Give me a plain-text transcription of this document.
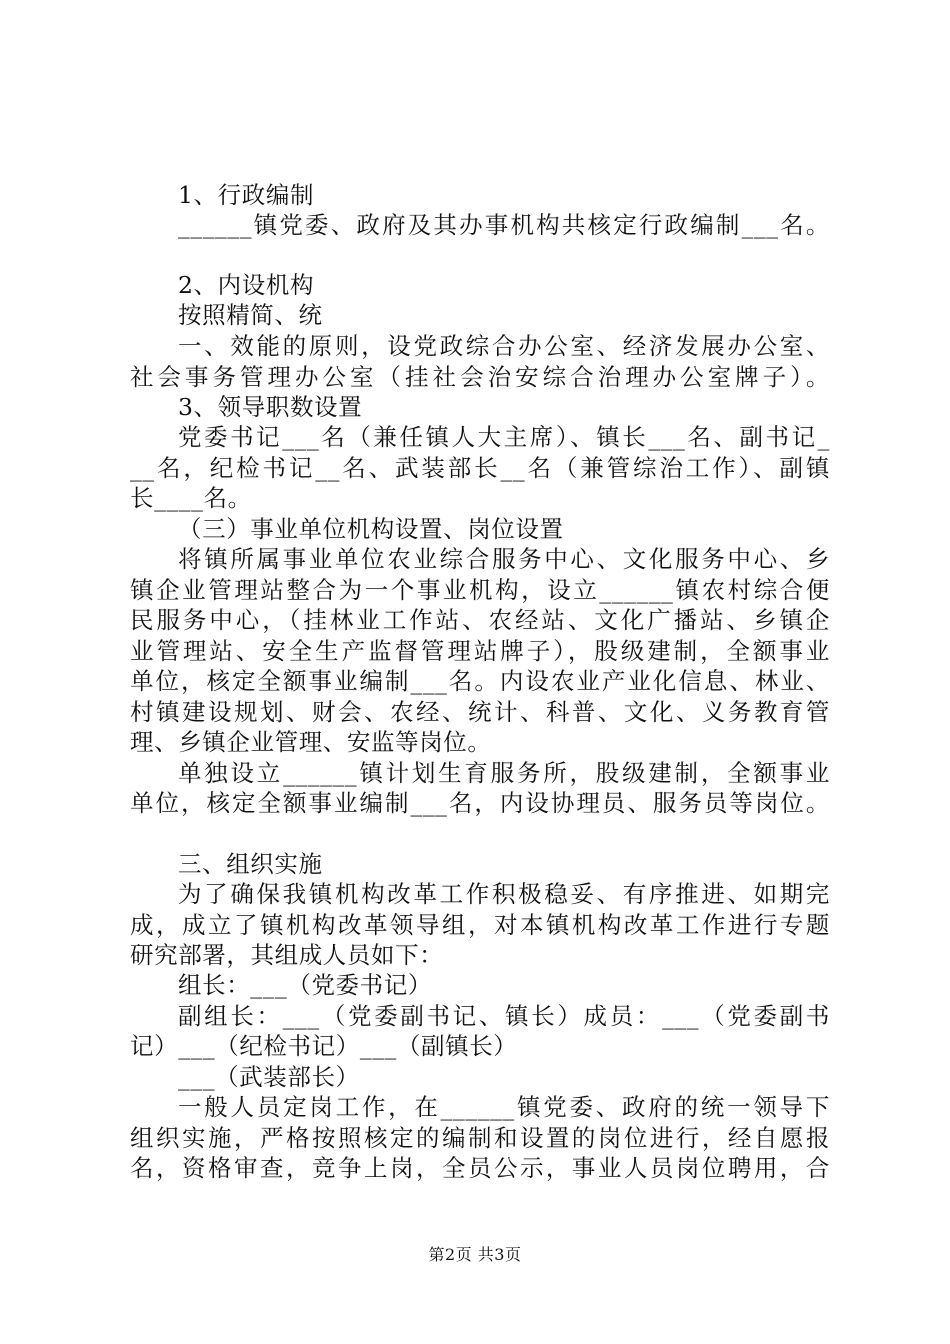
1、行政编制
______镇党委、政府及其办事机构共核定行政编制___名。
2、内设机构
按照精简、统
一、效能的原则，设党政综合办公室、经济发展办公室、
社会事务管理办公室（挂社会治安综合治理办公室牌子）。
3、领导职数设置
党委书记___名（兼任镇人大主席）、镇长___名、副书记_
__名，纪检书记__名、武装部长__名（兼管综治工作）、副镇
长____名。
（三）事业单位机构设置、岗位设置
将镇所属事业单位农业综合服务中心、文化服务中心、乡
镇企业管理站整合为一个事业机构，设立______镇农村综合便
民服务中心，（挂林业工作站、农经站、文化广播站、乡镇企
业管理站、安全生产监督管理站牌子），股级建制，全额事业
单位，核定全额事业编制___名。内设农业产业化信息、林业、
村镇建设规划、财会、农经、统计、科普、文化、义务教育管
理、乡镇企业管理、安监等岗位。
单独设立______镇计划生育服务所，股级建制，全额事业
单位，核定全额事业编制___名，内设协理员、服务员等岗位。
三、组织实施
为了确保我镇机构改革工作积极稳妥、有序推进、如期完
成，成立了镇机构改革领导组，对本镇机构改革工作进行专题
研究部署，其组成人员如下：
组长：___（党委书记）
副组长：___（党委副书记、镇长）成员：___（党委副书
记）___（纪检书记）___（副镇长）
___（武装部长）
一般人员定岗工作，在______镇党委、政府的统一领导下
组织实施，严格按照核定的编制和设置的岗位进行，经自愿报
名，资格审查，竞争上岗，全员公示，事业人员岗位聘用，合
第2页 共3页
